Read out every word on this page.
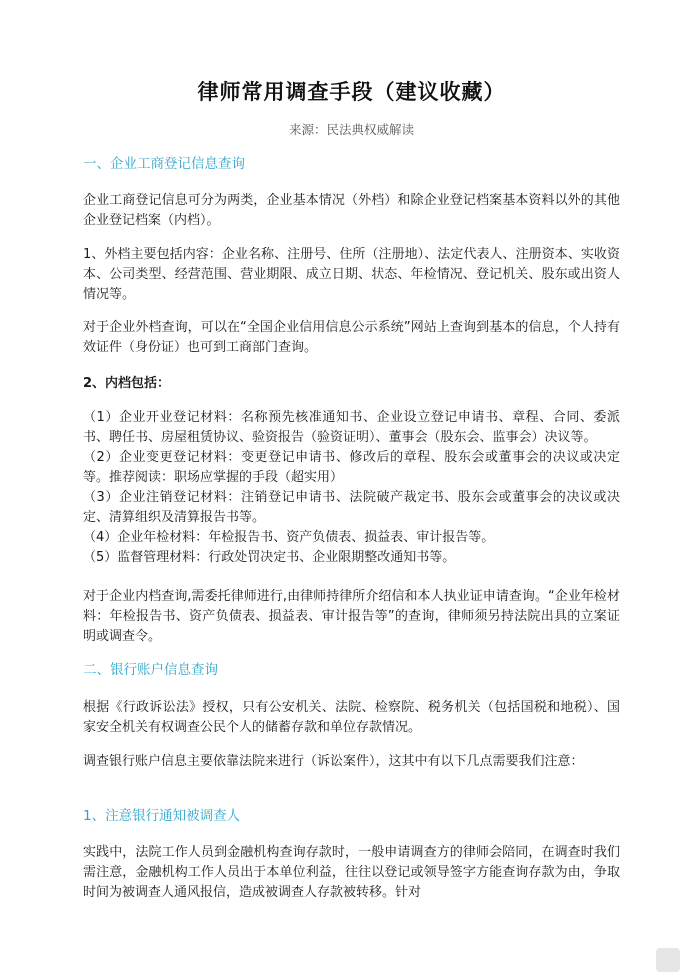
律师常用调查手段（建议收藏）
来源：民法典权威解读
一、企业工商登记信息查询
企业工商登记信息可分为两类，企业基本情况（外档）和除企业登记档案基本资料以外的其他企业登记档案（内档）。
1、外档主要包括内容：企业名称、注册号、住所（注册地）、法定代表人、注册资本、实收资本、公司类型、经营范围、营业期限、成立日期、状态、年检情况、登记机关、股东或出资人情况等。
对于企业外档查询，可以在“全国企业信用信息公示系统”网站上查询到基本的信息，个人持有效证件（身份证）也可到工商部门查询。
2、内档包括：
（1）企业开业登记材料：名称预先核准通知书、企业设立登记申请书、章程、合同、委派书、聘任书、房屋租赁协议、验资报告（验资证明）、董事会（股东会、监事会）决议等。
（2）企业变更登记材料：变更登记申请书、修改后的章程、股东会或董事会的决议或决定等。推荐阅读：职场应掌握的手段（超实用）
（3）企业注销登记材料：注销登记申请书、法院破产裁定书、股东会或董事会的决议或决定、清算组织及清算报告书等。
（4）企业年检材料：年检报告书、资产负债表、损益表、审计报告等。
（5）监督管理材料：行政处罚决定书、企业限期整改通知书等。
对于企业内档查询,需委托律师进行,由律师持律所介绍信和本人执业证申请查询。“企业年检材料：年检报告书、资产负债表、损益表、审计报告等”的查询，律师须另持法院出具的立案证明或调查令。
二、银行账户信息查询
根据《行政诉讼法》授权，只有公安机关、法院、检察院、税务机关（包括国税和地税）、国家安全机关有权调查公民个人的储蓄存款和单位存款情况。
调查银行账户信息主要依靠法院来进行（诉讼案件），这其中有以下几点需要我们注意：
1、注意银行通知被调查人
实践中，法院工作人员到金融机构查询存款时，一般申请调查方的律师会陪同，在调查时我们需注意，金融机构工作人员出于本单位利益，往往以登记或领导签字方能查询存款为由，争取时间为被调查人通风报信，造成被调查人存款被转移。针对
